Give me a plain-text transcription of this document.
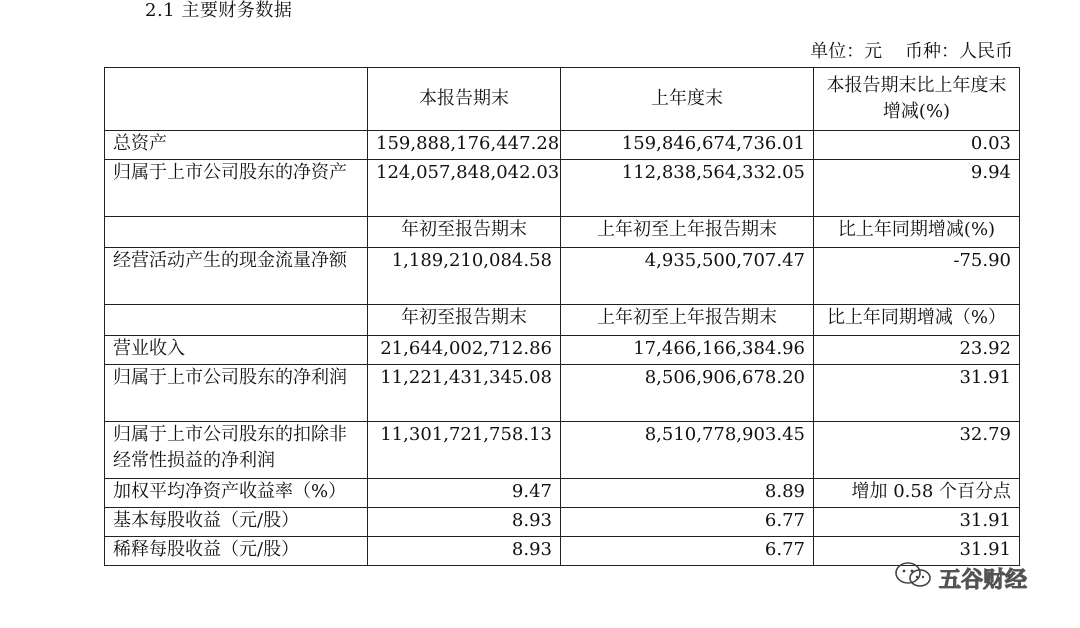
2.1 主要财务数据
单位：元    币种：人民币
	本报告期末	上年度末	本报告期末比上年度末增减(%)
总资产	159,888,176,447.28	159,846,674,736.01	0.03
归属于上市公司股东的净资产	124,057,848,042.03	112,838,564,332.05	9.94
	年初至报告期末	上年初至上年报告期末	比上年同期增减(%)
经营活动产生的现金流量净额	1,189,210,084.58	4,935,500,707.47	-75.90
	年初至报告期末	上年初至上年报告期末	比上年同期增减（%）
营业收入	21,644,002,712.86	17,466,166,384.96	23.92
归属于上市公司股东的净利润	11,221,431,345.08	8,506,906,678.20	31.91
归属于上市公司股东的扣除非经常性损益的净利润	11,301,721,758.13	8,510,778,903.45	32.79
加权平均净资产收益率（%）	9.47	8.89	增加 0.58 个百分点
基本每股收益（元/股）	8.93	6.77	31.91
稀释每股收益（元/股）	8.93	6.77	31.91
五谷财经
